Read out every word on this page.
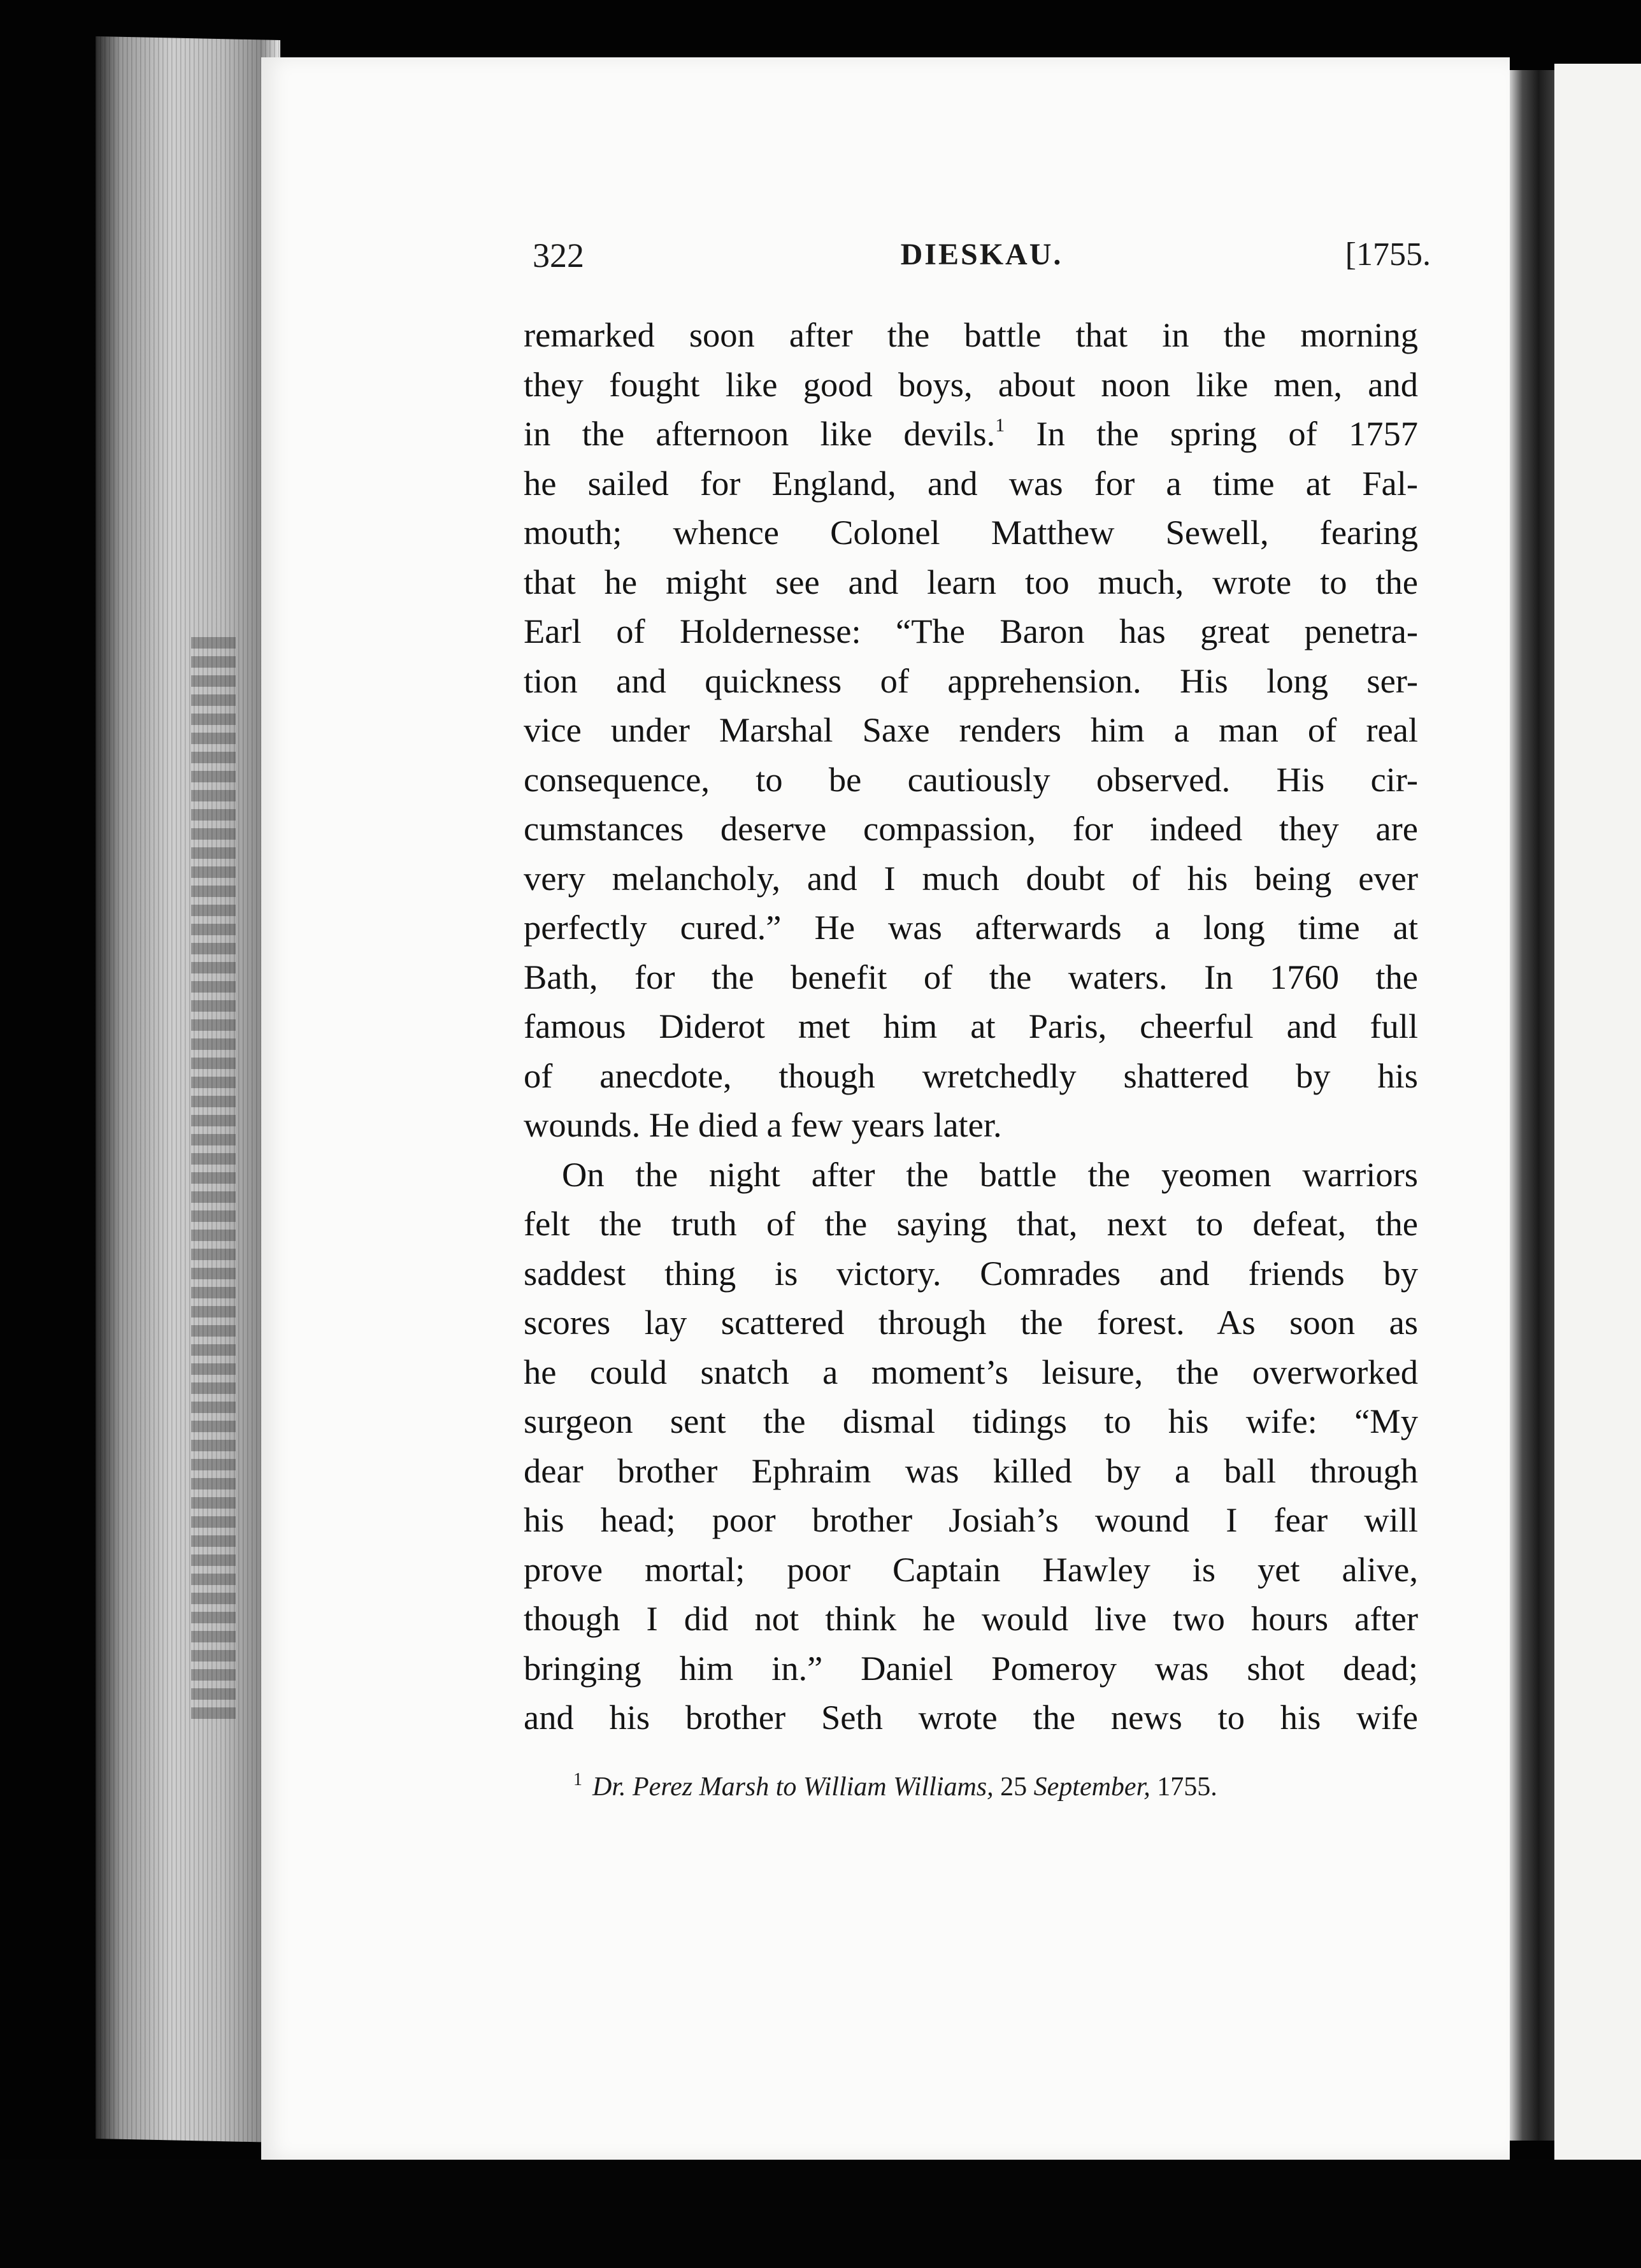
322	DIESKAU.	[1755.
remarked soon after the battle that in the morning
they fought like good boys, about noon like men, and
in the afternoon like devils.$^1$ In the spring of 1757
he sailed for England, and was for a time at Fal-
mouth; whence Colonel Matthew Sewell, fearing
that he might see and learn too much, wrote to the
Earl of Holdernesse: “The Baron has great penetra-
tion and quickness of apprehension. His long ser-
vice under Marshal Saxe renders him a man of real
consequence, to be cautiously observed. His cir-
cumstances deserve compassion, for indeed they are
very melancholy, and I much doubt of his being ever
perfectly cured.” He was afterwards a long time at
Bath, for the benefit of the waters. In 1760 the
famous Diderot met him at Paris, cheerful and full
of anecdote, though wretchedly shattered by his
wounds. He died a few years later.
On the night after the battle the yeomen warriors
felt the truth of the saying that, next to defeat, the
saddest thing is victory. Comrades and friends by
scores lay scattered through the forest. As soon as
he could snatch a moment’s leisure, the overworked
surgeon sent the dismal tidings to his wife: “My
dear brother Ephraim was killed by a ball through
his head; poor brother Josiah’s wound I fear will
prove mortal; poor Captain Hawley is yet alive,
though I did not think he would live two hours after
bringing him in.” Daniel Pomeroy was shot dead;
and his brother Seth wrote the news to his wife
$^1$ Dr. Perez Marsh to William Williams, 25 September, 1755.
